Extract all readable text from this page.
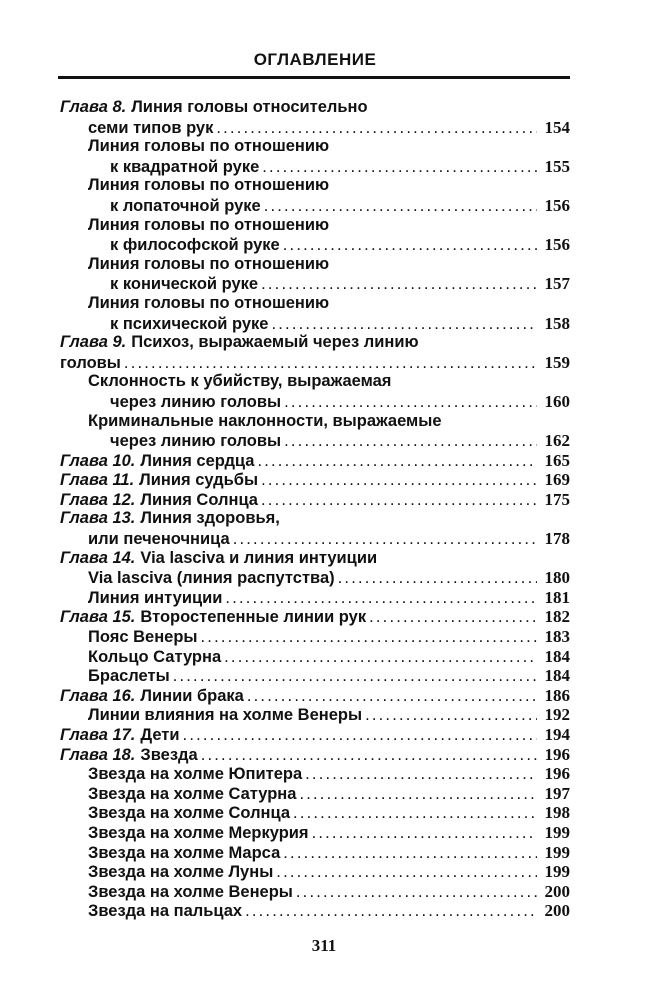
ОГЛАВЛЕНИЕ
Глава 8. Линия головы относительно
семи типов рук .....	154
Линия головы по отношению
к квадратной руке .....	155
Линия головы по отношению
к лопаточной руке .....	156
Линия головы по отношению
к философской руке .....	156
Линия головы по отношению
к конической руке .....	157
Линия головы по отношению
к психической руке .....	158
Глава 9. Психоз, выражаемый через линию
головы .....	159
Склонность к убийству, выражаемая
через линию головы .....	160
Криминальные наклонности, выражаемые
через линию головы .....	162
Глава 10. Линия сердца .....	165
Глава 11. Линия судьбы .....	169
Глава 12. Линия Солнца .....	175
Глава 13. Линия здоровья,
или печеночница .....	178
Глава 14. Via lasciva и линия интуиции
Via lasciva (линия распутства) .....	180
Линия интуиции .....	181
Глава 15. Второстепенные линии рук .....	182
Пояс Венеры .....	183
Кольцо Сатурна .....	184
Браслеты .....	184
Глава 16. Линии брака .....	186
Линии влияния на холме Венеры .....	192
Глава 17. Дети .....	194
Глава 18. Звезда .....	196
Звезда на холме Юпитера .....	196
Звезда на холме Сатурна .....	197
Звезда на холме Солнца .....	198
Звезда на холме Меркурия .....	199
Звезда на холме Марса .....	199
Звезда на холме Луны .....	199
Звезда на холме Венеры .....	200
Звезда на пальцах .....	200
311
